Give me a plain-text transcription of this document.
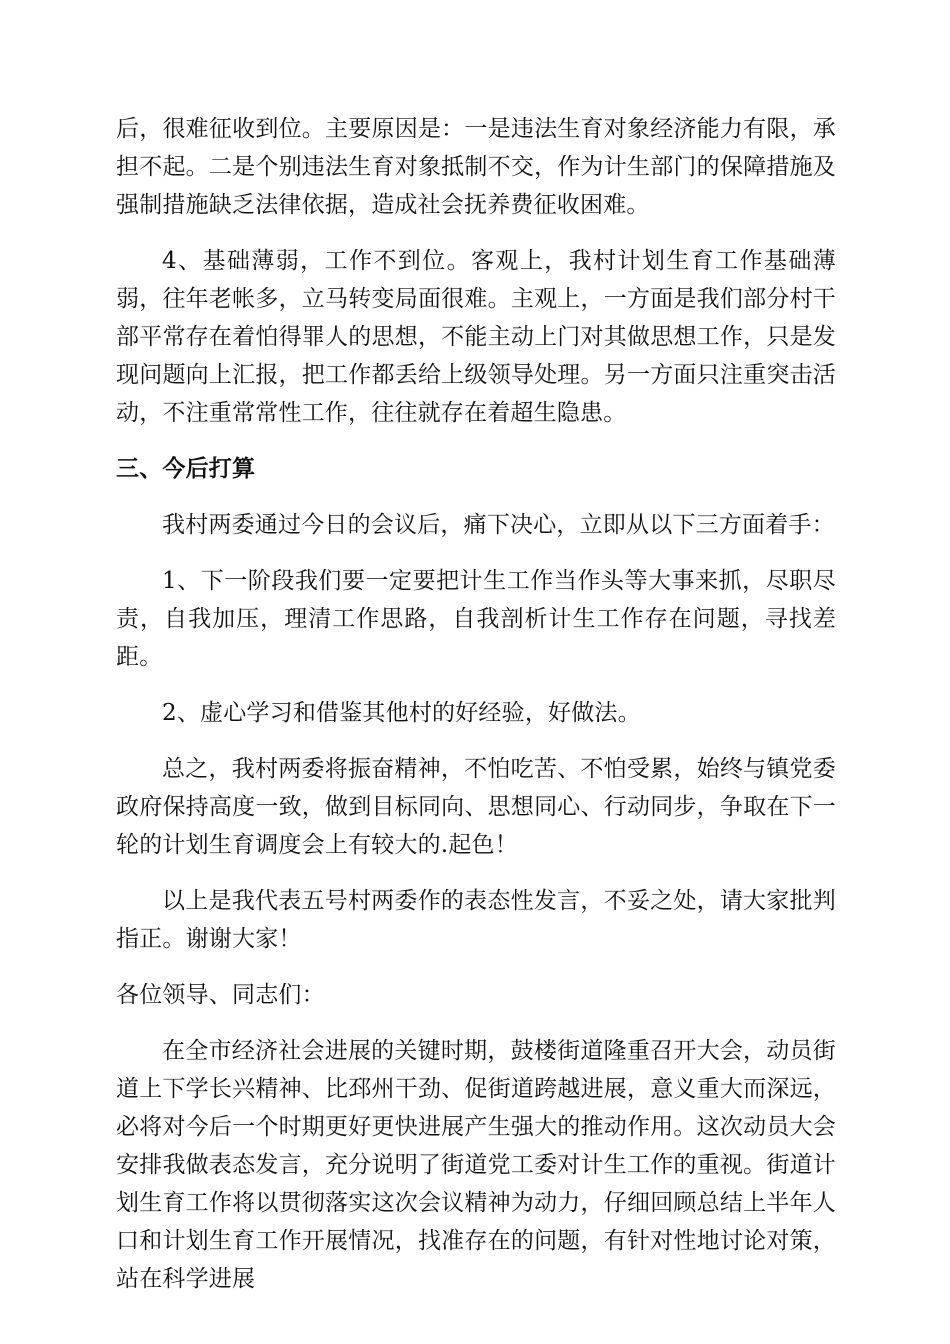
后，很难征收到位。主要原因是：一是违法生育对象经济能力有限，承担不起。二是个别违法生育对象抵制不交，作为计生部门的保障措施及强制措施缺乏法律依据，造成社会抚养费征收困难。

4、基础薄弱，工作不到位。客观上，我村计划生育工作基础薄弱，往年老帐多，立马转变局面很难。主观上，一方面是我们部分村干部平常存在着怕得罪人的思想，不能主动上门对其做思想工作，只是发现问题向上汇报，把工作都丢给上级领导处理。另一方面只注重突击活动，不注重常常性工作，往往就存在着超生隐患。

三、今后打算

我村两委通过今日的会议后，痛下决心，立即从以下三方面着手：

1、下一阶段我们要一定要把计生工作当作头等大事来抓，尽职尽责，自我加压，理清工作思路，自我剖析计生工作存在问题，寻找差距。

2、虚心学习和借鉴其他村的好经验，好做法。

总之，我村两委将振奋精神，不怕吃苦、不怕受累，始终与镇党委政府保持高度一致，做到目标同向、思想同心、行动同步，争取在下一轮的计划生育调度会上有较大的.起色！

以上是我代表五号村两委作的表态性发言，不妥之处，请大家批判指正。谢谢大家！

各位领导、同志们：

在全市经济社会进展的关键时期，鼓楼街道隆重召开大会，动员街道上下学长兴精神、比邳州干劲、促街道跨越进展，意义重大而深远，必将对今后一个时期更好更快进展产生强大的推动作用。这次动员大会安排我做表态发言，充分说明了街道党工委对计生工作的重视。街道计划生育工作将以贯彻落实这次会议精神为动力，仔细回顾总结上半年人口和计划生育工作开展情况，找准存在的问题，有针对性地讨论对策，站在科学进展
